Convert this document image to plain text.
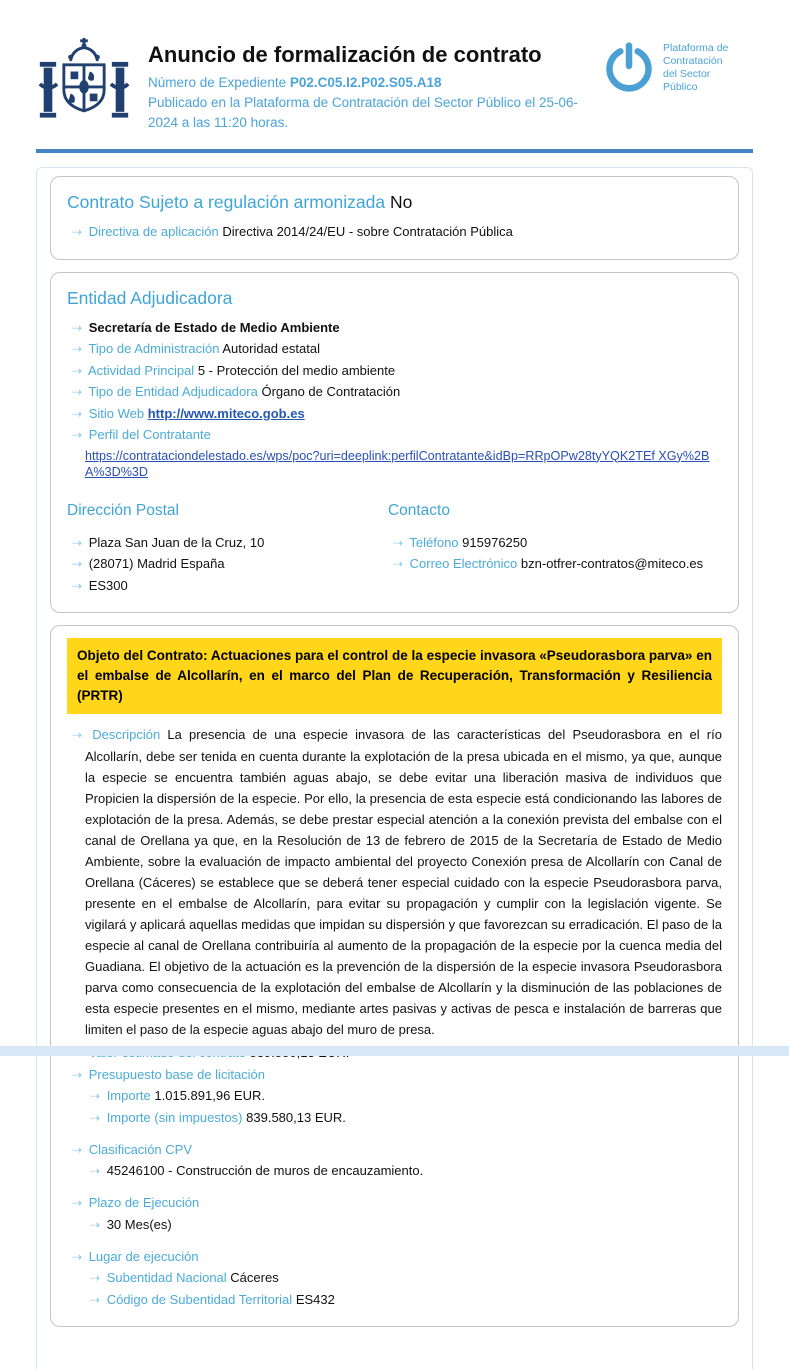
Anuncio de formalización de contrato
Número de Expediente P02.C05.I2.P02.S05.A18
Publicado en la Plataforma de Contratación del Sector Público el 25-06-2024 a las 11:20 horas.
Plataforma de Contratación del Sector Público
Contrato Sujeto a regulación armonizada No
⇢ Directiva de aplicación Directiva 2014/24/EU - sobre Contratación Pública
Entidad Adjudicadora
⇢ Secretaría de Estado de Medio Ambiente
⇢ Tipo de Administración Autoridad estatal
⇢ Actividad Principal 5 - Protección del medio ambiente
⇢ Tipo de Entidad Adjudicadora Órgano de Contratación
⇢ Sitio Web http://www.miteco.gob.es
⇢ Perfil del Contratante
https://contrataciondelestado.es/wps/poc?uri=deeplink:perfilContratante&idBp=RRpOPw28tyYQK2TEf XGy%2BA%3D%3D
Dirección Postal
⇢ Plaza San Juan de la Cruz, 10
⇢ (28071) Madrid España
⇢ ES300
Contacto
⇢ Teléfono 915976250
⇢ Correo Electrónico bzn-otfrer-contratos@miteco.es
Objeto del Contrato: Actuaciones para el control de la especie invasora «Pseudorasbora parva» en el embalse de Alcollarín, en el marco del Plan de Recuperación, Transformación y Resiliencia (PRTR)

⇢ Descripción La presencia de una especie invasora de las características del Pseudorasbora en el río Alcollarín, debe ser tenida en cuenta durante la explotación de la presa ubicada en el mismo, ya que, aunque la especie se encuentra también aguas abajo, se debe evitar una liberación masiva de individuos que Propicien la dispersión de la especie. Por ello, la presencia de esta especie está condicionando las labores de explotación de la presa. Además, se debe prestar especial atención a la conexión prevista del embalse con el canal de Orellana ya que, en la Resolución de 13 de febrero de 2015 de la Secretaría de Estado de Medio Ambiente, sobre la evaluación de impacto ambiental del proyecto Conexión presa de Alcollarín con Canal de Orellana (Cáceres) se establece que se deberá tener especial cuidado con la especie Pseudorasbora parva, presente en el embalse de Alcollarín, para evitar su propagación y cumplir con la legislación vigente. Se vigilará y aplicará aquellas medidas que impidan su dispersión y que favorezcan su erradicación. El paso de la especie al canal de Orellana contribuiría al aumento de la propagación de la especie por la cuenca media del Guadiana. El objetivo de la actuación es la prevención de la dispersión de la especie invasora Pseudorasbora parva como consecuencia de la explotación del embalse de Alcollarín y la disminución de las poblaciones de esta especie presentes en el mismo, mediante artes pasivas y activas de pesca e instalación de barreras que limiten el paso de la especie aguas abajo del muro de presa.

⇢ Presupuesto base de licitación
⇢ Importe 1.015.891,96 EUR.
⇢ Importe (sin impuestos) 839.580,13 EUR.
⇢ Clasificación CPV
⇢ 45246100 - Construcción de muros de encauzamiento.
⇢ Plazo de Ejecución
⇢ 30 Mes(es)
⇢ Lugar de ejecución
⇢ Subentidad Nacional Cáceres
⇢ Código de Subentidad Territorial ES432
